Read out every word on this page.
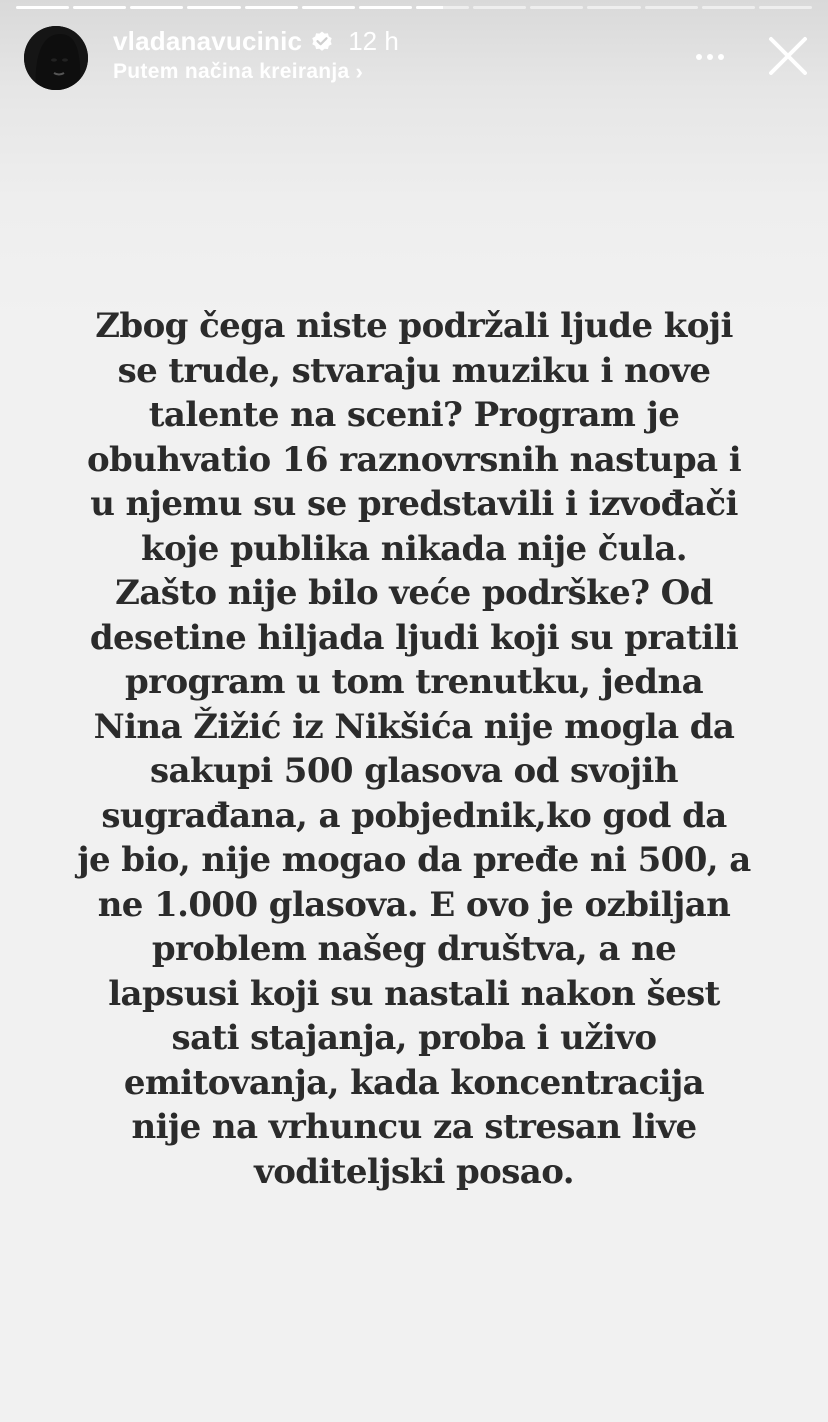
vladanavucinic 12 h
Putem načina kreiranja ›

Zbog čega niste podržali ljude koji
se trude, stvaraju muziku i nove
talente na sceni? Program je
obuhvatio 16 raznovrsnih nastupa i
u njemu su se predstavili i izvođači
koje publika nikada nije čula.
Zašto nije bilo veće podrške? Od
desetine hiljada ljudi koji su pratili
program u tom trenutku, jedna
Nina Žižić iz Nikšića nije mogla da
sakupi 500 glasova od svojih
sugrađana, a pobjednik,ko god da
je bio, nije mogao da pređe ni 500, a
ne 1.000 glasova. E ovo je ozbiljan
problem našeg društva, a ne
lapsusi koji su nastali nakon šest
sati stajanja, proba i uživo
emitovanja, kada koncentracija
nije na vrhuncu za stresan live
voditeljski posao.
